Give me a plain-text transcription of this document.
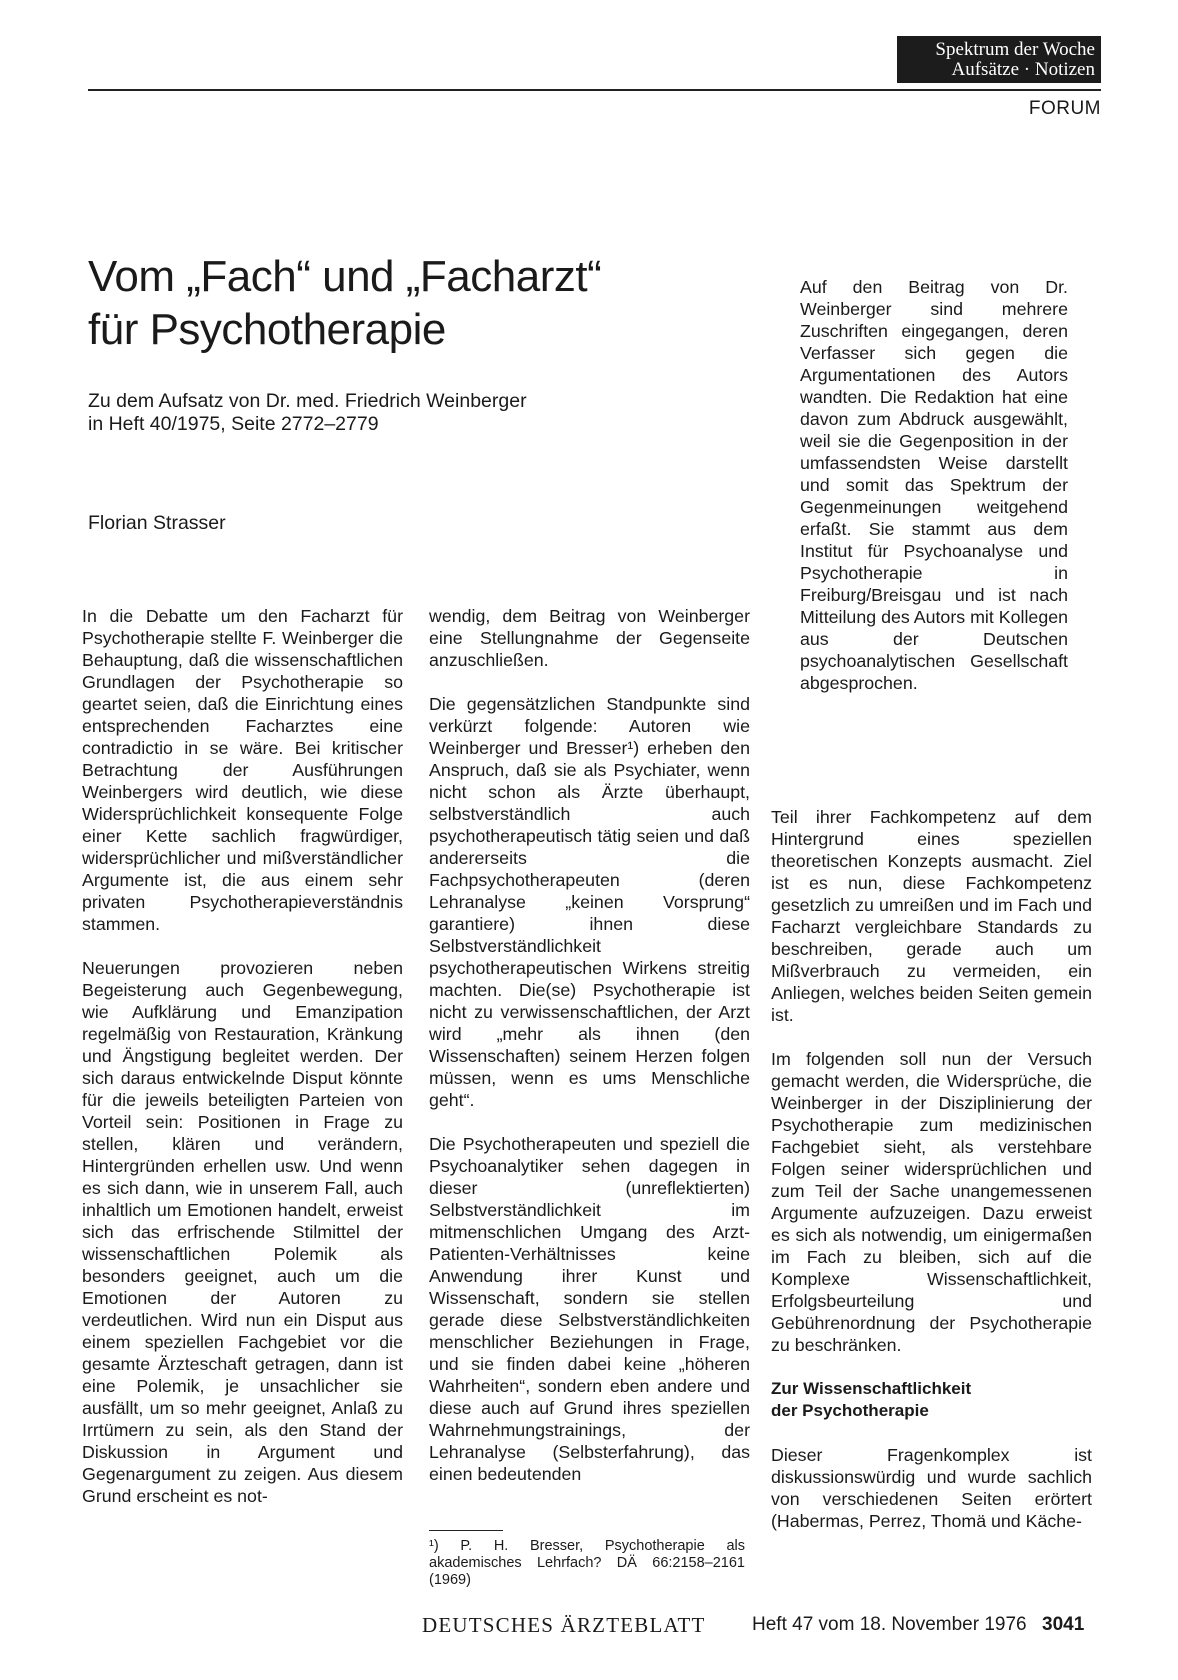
Spektrum der Woche
Aufsätze · Notizen
FORUM
Vom „Fach“ und „Facharzt“
für Psychotherapie
Zu dem Aufsatz von Dr. med. Friedrich Weinberger
in Heft 40/1975, Seite 2772–2779
Florian Strasser
Auf den Beitrag von Dr. Weinberger sind mehrere Zuschriften eingegangen, deren Verfasser sich gegen die Argumentationen des Autors wandten. Die Redaktion hat eine davon zum Abdruck ausgewählt, weil sie die Gegenposition in der umfassendsten Weise darstellt und somit das Spektrum der Gegenmeinungen weitgehend erfaßt. Sie stammt aus dem Institut für Psychoanalyse und Psychotherapie in Freiburg/Breisgau und ist nach Mitteilung des Autors mit Kollegen aus der Deutschen psychoanalytischen Gesellschaft abgesprochen.

In die Debatte um den Facharzt für Psychotherapie stellte F. Weinberger die Behauptung, daß die wissenschaftlichen Grundlagen der Psychotherapie so geartet seien, daß die Einrichtung eines entsprechenden Facharztes eine contradictio in se wäre. Bei kritischer Betrachtung der Ausführungen Weinbergers wird deutlich, wie diese Widersprüchlichkeit konsequente Folge einer Kette sachlich fragwürdiger, widersprüchlicher und mißverständlicher Argumente ist, die aus einem sehr privaten Psychotherapieverständnis stammen.

Neuerungen provozieren neben Begeisterung auch Gegenbewegung, wie Aufklärung und Emanzipation regelmäßig von Restauration, Kränkung und Ängstigung begleitet werden. Der sich daraus entwickelnde Disput könnte für die jeweils beteiligten Parteien von Vorteil sein: Positionen in Frage zu stellen, klären und verändern, Hintergründen erhellen usw. Und wenn es sich dann, wie in unserem Fall, auch inhaltlich um Emotionen handelt, erweist sich das erfrischende Stilmittel der wissenschaftlichen Polemik als besonders geeignet, auch um die Emotionen der Autoren zu verdeutlichen. Wird nun ein Disput aus einem speziellen Fachgebiet vor die gesamte Ärzteschaft getragen, dann ist eine Polemik, je unsachlicher sie ausfällt, um so mehr geeignet, Anlaß zu Irrtümern zu sein, als den Stand der Diskussion in Argument und Gegenargument zu zeigen. Aus diesem Grund erscheint es not-

wendig, dem Beitrag von Weinberger eine Stellungnahme der Gegenseite anzuschließen.

Die gegensätzlichen Standpunkte sind verkürzt folgende: Autoren wie Weinberger und Bresser¹) erheben den Anspruch, daß sie als Psychiater, wenn nicht schon als Ärzte überhaupt, selbstverständlich auch psychotherapeutisch tätig seien und daß andererseits die Fachpsychotherapeuten (deren Lehranalyse „keinen Vorsprung“ garantiere) ihnen diese Selbstverständlichkeit psychotherapeutischen Wirkens streitig machten. Die(se) Psychotherapie ist nicht zu verwissenschaftlichen, der Arzt wird „mehr als ihnen (den Wissenschaften) seinem Herzen folgen müssen, wenn es ums Menschliche geht“.

Die Psychotherapeuten und speziell die Psychoanalytiker sehen dagegen in dieser (unreflektierten) Selbstverständlichkeit im mitmenschlichen Umgang des Arzt-Patienten-Verhältnisses keine Anwendung ihrer Kunst und Wissenschaft, sondern sie stellen gerade diese Selbstverständlichkeiten menschlicher Beziehungen in Frage, und sie finden dabei keine „höheren Wahrheiten“, sondern eben andere und diese auch auf Grund ihres speziellen Wahrnehmungstrainings, der Lehranalyse (Selbsterfahrung), das einen bedeutenden

Teil ihrer Fachkompetenz auf dem Hintergrund eines speziellen theoretischen Konzepts ausmacht. Ziel ist es nun, diese Fachkompetenz gesetzlich zu umreißen und im Fach und Facharzt vergleichbare Standards zu beschreiben, gerade auch um Mißverbrauch zu vermeiden, ein Anliegen, welches beiden Seiten gemein ist.

Im folgenden soll nun der Versuch gemacht werden, die Widersprüche, die Weinberger in der Disziplinierung der Psychotherapie zum medizinischen Fachgebiet sieht, als verstehbare Folgen seiner widersprüchlichen und zum Teil der Sache unangemessenen Argumente aufzuzeigen. Dazu erweist es sich als notwendig, um einigermaßen im Fach zu bleiben, sich auf die Komplexe Wissenschaftlichkeit, Erfolgsbeurteilung und Gebührenordnung der Psychotherapie zu beschränken.

Zur Wissenschaftlichkeit
der Psychotherapie

Dieser Fragenkomplex ist diskussionswürdig und wurde sachlich von verschiedenen Seiten erörtert (Habermas, Perrez, Thomä und Käche-

¹) P. H. Bresser, Psychotherapie als akademisches Lehrfach? DÄ 66:2158–2161 (1969)
DEUTSCHES ÄRZTEBLATT Heft 47 vom 18. November 1976 3041
